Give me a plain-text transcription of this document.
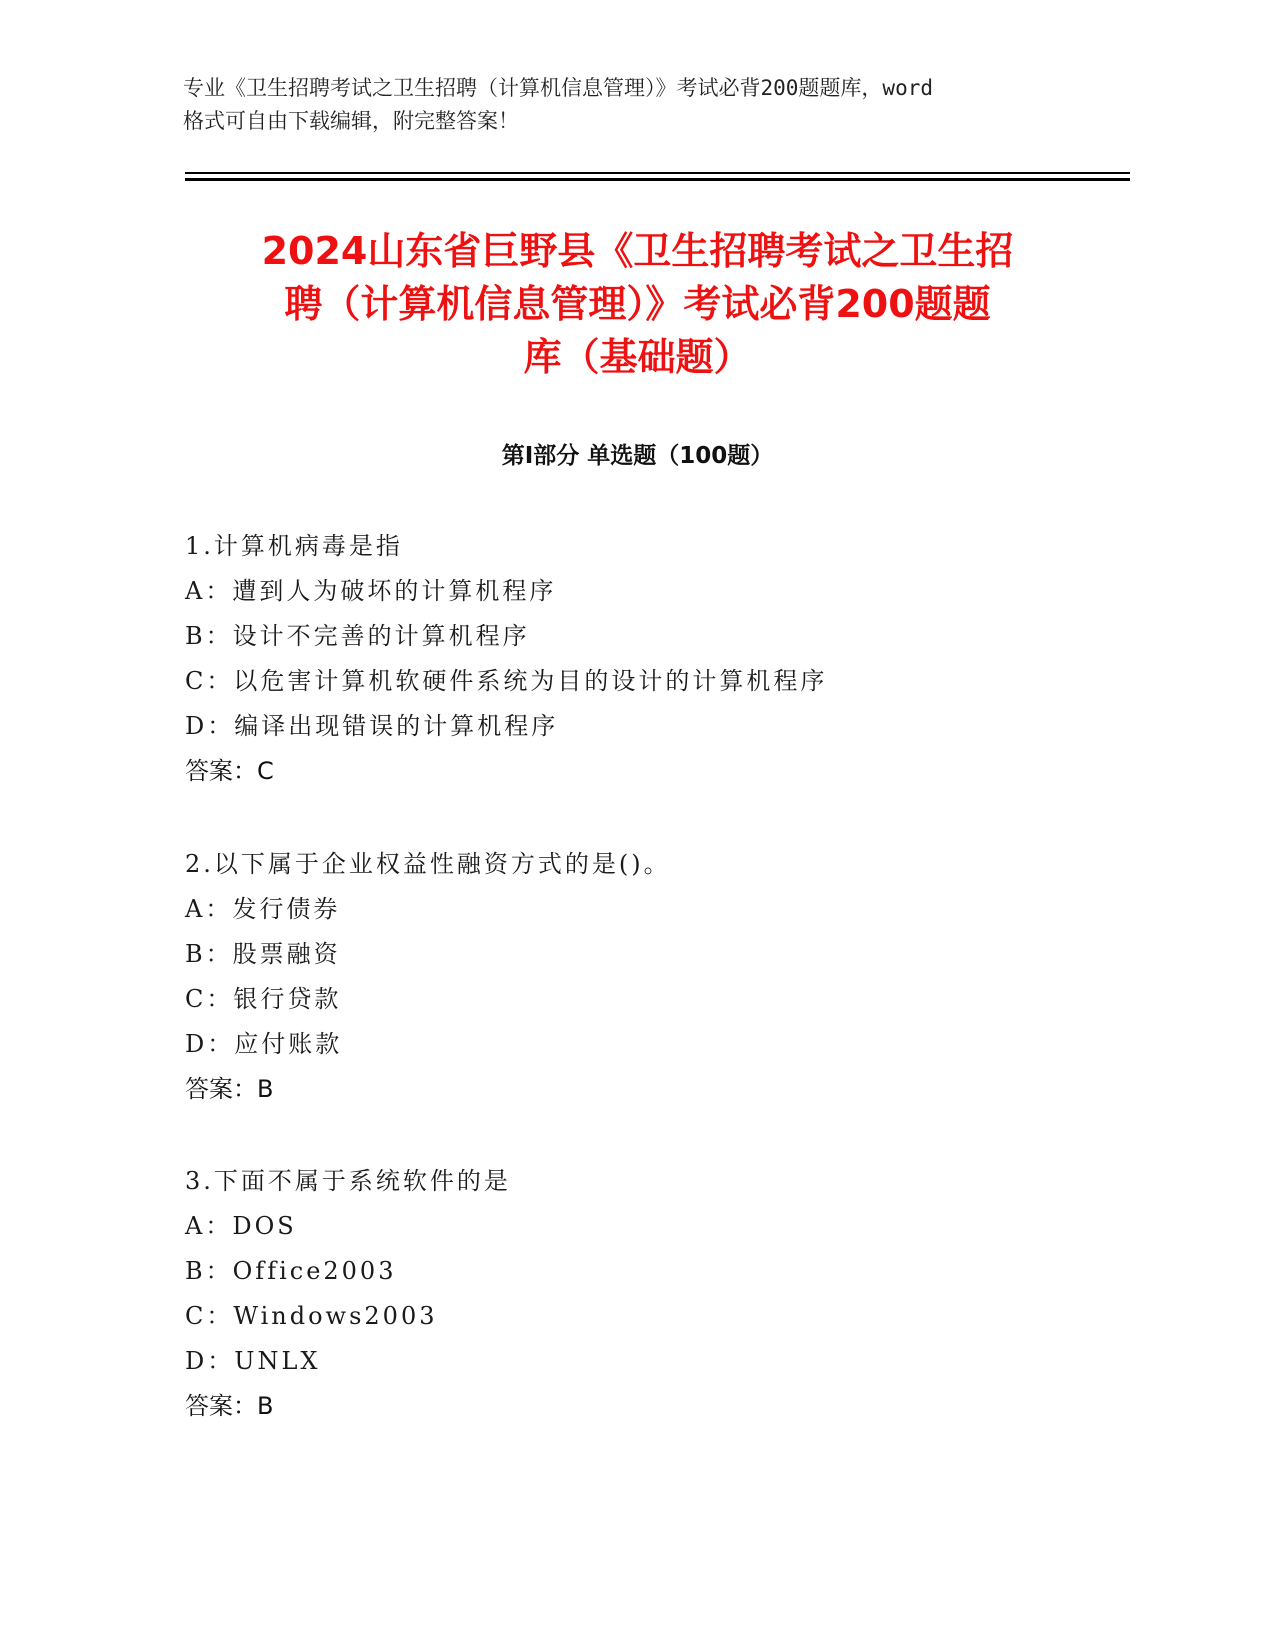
专业《卫生招聘考试之卫生招聘（计算机信息管理）》考试必背200题题库，word
格式可自由下载编辑，附完整答案！
2024山东省巨野县《卫生招聘考试之卫生招
聘（计算机信息管理）》考试必背200题题
库（基础题）
第Ⅰ部分 单选题（100题）
1.计算机病毒是指
A：遭到人为破坏的计算机程序
B：设计不完善的计算机程序
C：以危害计算机软硬件系统为目的设计的计算机程序
D：编译出现错误的计算机程序
答案：C
2.以下属于企业权益性融资方式的是()。
A：发行债券
B：股票融资
C：银行贷款
D：应付账款
答案：B
3.下面不属于系统软件的是
A：DOS
B：Office2003
C：Windows2003
D：UNLX
答案：B
